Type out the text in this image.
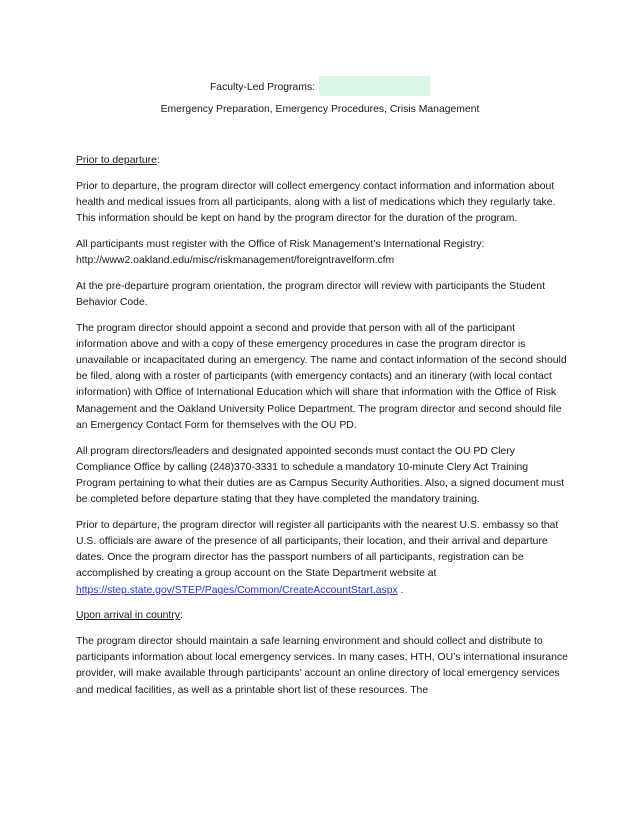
Faculty-Led Programs:
Emergency Preparation, Emergency Procedures, Crisis Management

Prior to departure:

Prior to departure, the program director will collect emergency contact information and information about health and medical issues from all participants, along with a list of medications which they regularly take. This information should be kept on hand by the program director for the duration of the program.

All participants must register with the Office of Risk Management’s International Registry:
http://www2.oakland.edu/misc/riskmanagement/foreigntravelform.cfm

At the pre-departure program orientation, the program director will review with participants the Student Behavior Code.

The program director should appoint a second and provide that person with all of the participant information above and with a copy of these emergency procedures in case the program director is unavailable or incapacitated during an emergency. The name and contact information of the second should be filed, along with a roster of participants (with emergency contacts) and an itinerary (with local contact information) with Office of International Education which will share that information with the Office of Risk Management and the Oakland University Police Department. The program director and second should file an Emergency Contact Form for themselves with the OU PD.

All program directors/leaders and designated appointed seconds must contact the OU PD Clery Compliance Office by calling (248)370-3331 to schedule a mandatory 10-minute Clery Act Training Program pertaining to what their duties are as Campus Security Authorities. Also, a signed document must be completed before departure stating that they have completed the mandatory training.

Prior to departure, the program director will register all participants with the nearest U.S. embassy so that U.S. officials are aware of the presence of all participants, their location, and their arrival and departure dates. Once the program director has the passport numbers of all participants, registration can be accomplished by creating a group account on the State Department website at https://step.state.gov/STEP/Pages/Common/CreateAccountStart.aspx .

Upon arrival in country:

The program director should maintain a safe learning environment and should collect and distribute to participants information about local emergency services. In many cases, HTH, OU’s international insurance provider, will make available through participants’ account an online directory of local emergency services and medical facilities, as well as a printable short list of these resources. The
